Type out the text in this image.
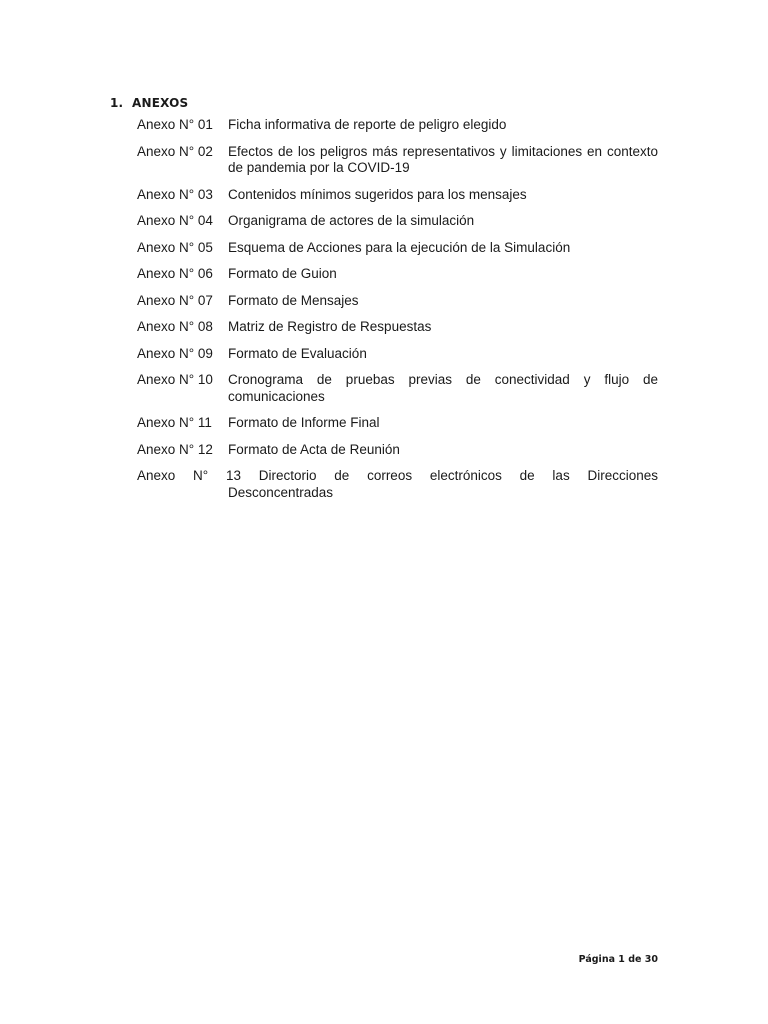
1. ANEXOS
Anexo N° 01 Ficha informativa de reporte de peligro elegido
Anexo N° 02 Efectos de los peligros más representativos y limitaciones en contexto de pandemia por la COVID-19
Anexo N° 03 Contenidos mínimos sugeridos para los mensajes
Anexo N° 04 Organigrama de actores de la simulación
Anexo N° 05 Esquema de Acciones para la ejecución de la Simulación
Anexo N° 06 Formato de Guion
Anexo N° 07 Formato de Mensajes
Anexo N° 08 Matriz de Registro de Respuestas
Anexo N° 09 Formato de Evaluación
Anexo N° 10 Cronograma de pruebas previas de conectividad y flujo de comunicaciones
Anexo N° 11 Formato de Informe Final
Anexo N° 12 Formato de Acta de Reunión
Anexo N° 13 Directorio de correos electrónicos de las Direcciones
Desconcentradas
Página 1 de 30
